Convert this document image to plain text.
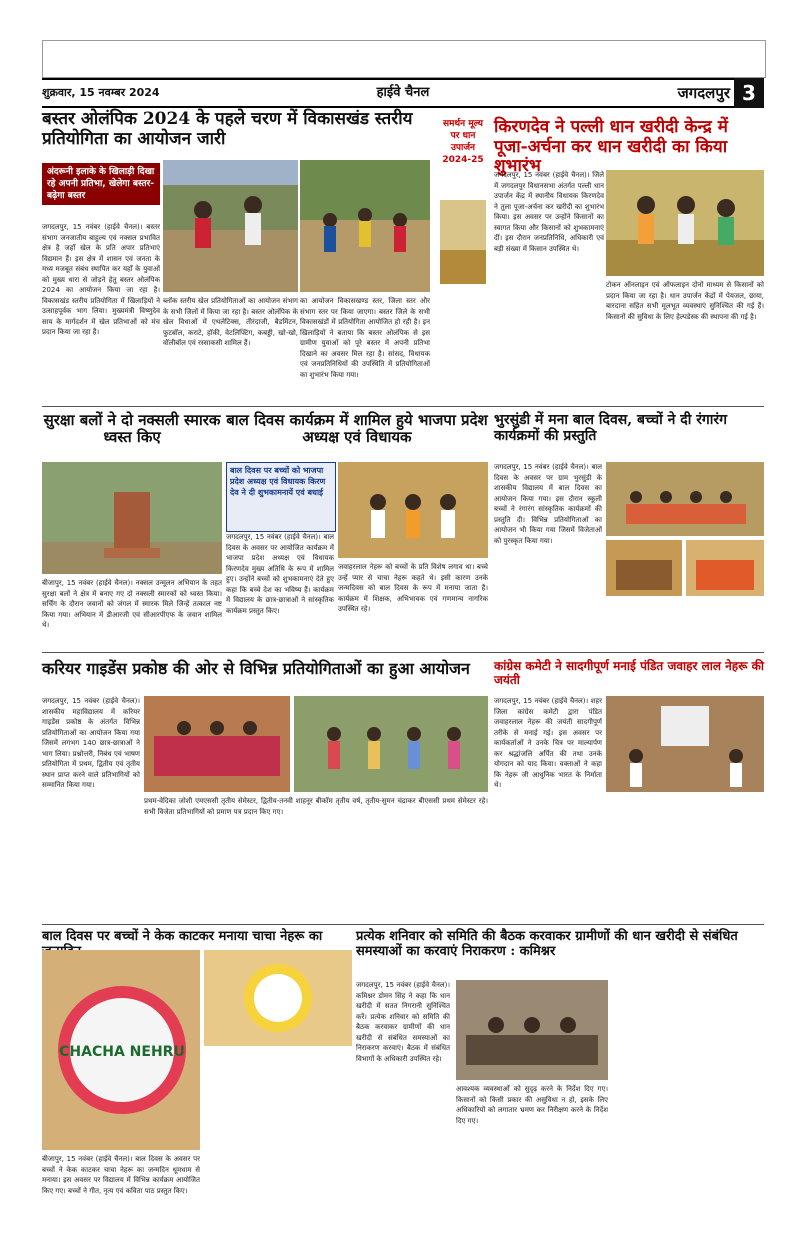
शुक्रवार, 15 नवम्बर 2024	हाईवे चैनल	जगदलपुर 3
बस्तर ओलंपिक 2024 के पहले चरण में विकासखंड स्तरीय प्रतियोगिता का आयोजन जारी
अंदरूनी इलाके के खिलाड़ी दिखा रहे अपनी प्रतिभा, खेलेगा बस्तर-बढ़ेगा बस्तर
जगदलपुर, 15 नवंबर (हाईवे चैनल)। बस्तर संभाग जनजातीय बाहुल्य एवं नक्सल प्रभावित क्षेत्र है जहाँ खेल के प्रति अपार प्रतिभाएं विद्यमान हैं। इस क्षेत्र में शासन एवं जनता के मध्य मजबूत संबंध स्थापित कर यहाँ के युवाओं को मुख्य धारा से जोड़ने हेतु बस्तर ओलंपिक 2024 का आयोजन किया जा रहा है। विकासखंड स्तरीय प्रतियोगिता में खिलाड़ियों ने उत्साहपूर्वक भाग लिया। मुख्यमंत्री विष्णुदेव साय के मार्गदर्शन में खेल प्रतिभाओं को मंच प्रदान किया जा रहा है।
ब्लॉक स्तरीय खेल प्रतियोगिताओं का आयोजन संभाग के सभी जिलों में किया जा रहा है। बस्तर ओलंपिक के खेल विधाओं में एथलेटिक्स, तीरंदाजी, बैडमिंटन, फुटबॉल, कराटे, हॉकी, वेटलिफ्टिंग, कबड्डी, खो-खो, वॉलीबॉल एवं रस्साकसी शामिल हैं।
का आयोजन विकासखण्ड स्तर, जिला स्तर और संभाग स्तर पर किया जाएगा। बस्तर जिले के सभी विकासखंडों में प्रतियोगिता आयोजित हो रही है। इन खिलाड़ियों ने बताया कि बस्तर ओलंपिक से इस ग्रामीण युवाओं को पूरे बस्तर में अपनी प्रतिभा दिखाने का अवसर मिल रहा है। सांसद, विधायक एवं जनप्रतिनिधियों की उपस्थिति में प्रतियोगिताओं का शुभारंभ किया गया।
समर्थन मूल्य
पर धान
उपार्जन
2024-25
किरणदेव ने पल्ली धान खरीदी केन्द्र में पूजा-अर्चना कर धान खरीदी का किया शुभारंभ
जगदलपुर, 15 नवंबर (हाईवे चैनल)। जिले में जगदलपुर विधानसभा अंतर्गत पल्ली धान उपार्जन केंद्र में स्थानीय विधायक किरणदेव ने तुला पूजा-अर्चना कर खरीदी का शुभारंभ किया। इस अवसर पर उन्होंने किसानों का स्वागत किया और किसानों को शुभकामनाएं दीं। इस दौरान जनप्रतिनिधि, अधिकारी एवं बड़ी संख्या में किसान उपस्थित थे।
टोकन ऑनलाइन एवं ऑफलाइन दोनों माध्यम से किसानों को प्रदान किया जा रहा है। धान उपार्जन केंद्रों में पेयजल, छाया, बारदाना सहित सभी मूलभूत व्यवस्थाएं सुनिश्चित की गई हैं। किसानों की सुविधा के लिए हेल्पडेस्क की स्थापना की गई है।
सुरक्षा बलों ने दो नक्सली स्मारक ध्वस्त किए
बीजापुर, 15 नवंबर (हाईवे चैनल)। नक्सल उन्मूलन अभियान के तहत सुरक्षा बलों ने क्षेत्र में बनाए गए दो नक्सली स्मारकों को ध्वस्त किया। सर्चिंग के दौरान जवानों को जंगल में स्मारक मिले जिन्हें तत्काल नष्ट किया गया। अभियान में डीआरजी एवं सीआरपीएफ के जवान शामिल थे।
बाल दिवस कार्यक्रम में शामिल हुये भाजपा प्रदेश अध्यक्ष एवं विधायक
बाल दिवस पर बच्चों को भाजपा प्रदेश अध्यक्ष एवं विधायक किरण देव ने दी शुभकामनायें एवं बधाई
जगदलपुर, 15 नवंबर (हाईवे चैनल)। बाल दिवस के अवसर पर आयोजित कार्यक्रम में भाजपा प्रदेश अध्यक्ष एवं विधायक किरणदेव मुख्य अतिथि के रूप में शामिल हुए। उन्होंने बच्चों को शुभकामनाएं देते हुए कहा कि बच्चे देश का भविष्य हैं। कार्यक्रम में विद्यालय के छात्र-छात्राओं ने सांस्कृतिक कार्यक्रम प्रस्तुत किए।
जवाहरलाल नेहरू को बच्चों के प्रति विशेष लगाव था। बच्चे उन्हें प्यार से चाचा नेहरू कहते थे। इसी कारण उनके जन्मदिवस को बाल दिवस के रूप में मनाया जाता है। कार्यक्रम में शिक्षक, अभिभावक एवं गणमान्य नागरिक उपस्थित रहे।
भुरसुंडी में मना बाल दिवस, बच्चों ने दी रंगारंग कार्यक्रमों की प्रस्तुति
जगदलपुर, 15 नवंबर (हाईवे चैनल)। बाल दिवस के अवसर पर ग्राम भुरसुंडी के शासकीय विद्यालय में बाल दिवस का आयोजन किया गया। इस दौरान स्कूली बच्चों ने रंगारंग सांस्कृतिक कार्यक्रमों की प्रस्तुति दी। विभिन्न प्रतियोगिताओं का आयोजन भी किया गया जिसमें विजेताओं को पुरस्कृत किया गया।
करियर गाइडेंस प्रकोष्ठ की ओर से विभिन्न प्रतियोगिताओं का हुआ आयोजन
जगदलपुर, 15 नवंबर (हाईवे चैनल)। शासकीय महाविद्यालय में करियर गाइडेंस प्रकोष्ठ के अंतर्गत विभिन्न प्रतियोगिताओं का आयोजन किया गया जिसमें लगभग 140 छात्र-छात्राओं ने भाग लिया। प्रश्नोत्तरी, निबंध एवं भाषण प्रतियोगिता में प्रथम, द्वितीय एवं तृतीय स्थान प्राप्त करने वाले प्रतिभागियों को सम्मानित किया गया।
प्रथम-वेदिका जोशी एमएससी तृतीय सेमेस्टर, द्वितीय-तनवी शाहनूर बीकॉम तृतीय वर्ष, तृतीय-सुमन चंद्राकर बीएससी प्रथम सेमेस्टर रहे। सभी विजेता प्रतिभागियों को प्रमाण पत्र प्रदान किए गए।
कांग्रेस कमेटी ने सादगीपूर्ण मनाई पंडित जवाहर लाल नेहरू की जयंती
जगदलपुर, 15 नवंबर (हाईवे चैनल)। शहर जिला कांग्रेस कमेटी द्वारा पंडित जवाहरलाल नेहरू की जयंती सादगीपूर्ण तरीके से मनाई गई। इस अवसर पर कार्यकर्ताओं ने उनके चित्र पर माल्यार्पण कर श्रद्धांजलि अर्पित की तथा उनके योगदान को याद किया। वक्ताओं ने कहा कि नेहरू जी आधुनिक भारत के निर्माता थे।
बाल दिवस पर बच्चों ने केक काटकर मनाया चाचा नेहरू का
CHACHA NEHRU
बीजापुर, 15 नवंबर (हाईवे चैनल)। बाल दिवस के अवसर पर बच्चों ने केक काटकर चाचा नेहरू का जन्मदिन धूमधाम से मनाया। इस अवसर पर विद्यालय में विभिन्न कार्यक्रम आयोजित किए गए। बच्चों ने गीत, नृत्य एवं कविता पाठ प्रस्तुत किए।
प्रत्येक शनिवार को समिति की बैठक करवाकर ग्रामीणों की धान खरीदी से संबंधित समस्याओं का करवाएं निराकरण : कमिश्नर
जगदलपुर, 15 नवंबर (हाईवे चैनल)। कमिश्नर डोमन सिंह ने कहा कि धान खरीदी में सतत निगरानी सुनिश्चित करें। प्रत्येक शनिवार को समिति की बैठक करवाकर ग्रामीणों की धान खरीदी से संबंधित समस्याओं का निराकरण करवाएं। बैठक में संबंधित विभागों के अधिकारी उपस्थित रहे।
आवश्यक व्यवस्थाओं को सुदृढ़ करने के निर्देश दिए गए। किसानों को किसी प्रकार की असुविधा न हो, इसके लिए अधिकारियों को लगातार भ्रमण कर निरीक्षण करने के निर्देश दिए गए।
